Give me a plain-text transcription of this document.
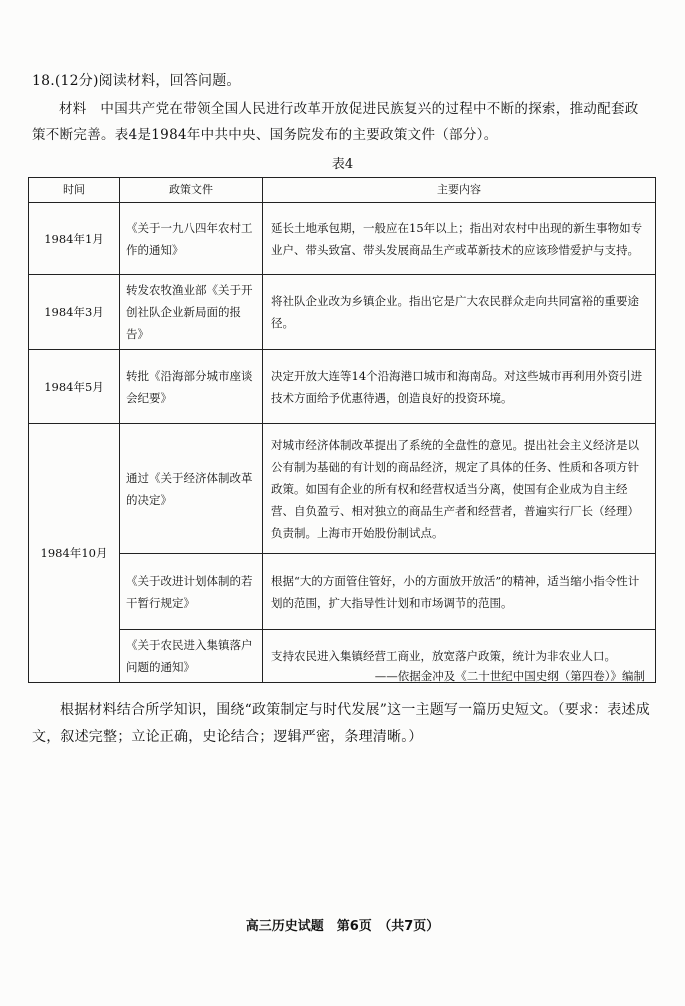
18.(12分)阅读材料，回答问题。
材料　中国共产党在带领全国人民进行改革开放促进民族复兴的过程中不断的探索，推动配套政策不断完善。表4是1984年中共中央、国务院发布的主要政策文件（部分）。
表4
时间	政策文件	主要内容
1984年1月	《关于一九八四年农村工作的通知》	延长土地承包期，一般应在15年以上；指出对农村中出现的新生事物如专业户、带头致富、带头发展商品生产或革新技术的应该珍惜爱护与支持。
1984年3月	转发农牧渔业部《关于开创社队企业新局面的报告》	将社队企业改为乡镇企业。指出它是广大农民群众走向共同富裕的重要途径。
1984年5月	转批《沿海部分城市座谈会纪要》	决定开放大连等14个沿海港口城市和海南岛。对这些城市再利用外资引进技术方面给予优惠待遇，创造良好的投资环境。
1984年10月	通过《关于经济体制改革的决定》	对城市经济体制改革提出了系统的全盘性的意见。提出社会主义经济是以公有制为基础的有计划的商品经济，规定了具体的任务、性质和各项方针政策。如国有企业的所有权和经营权适当分离，使国有企业成为自主经营、自负盈亏、相对独立的商品生产者和经营者，普遍实行厂长（经理）负责制。上海市开始股份制试点。
	《关于改进计划体制的若干暂行规定》	根据“大的方面管住管好，小的方面放开放活”的精神，适当缩小指令性计划的范围，扩大指导性计划和市场调节的范围。
	《关于农民进入集镇落户问题的通知》	支持农民进入集镇经营工商业，放宽落户政策，统计为非农业人口。
——依据金冲及《二十世纪中国史纲（第四卷）》编制
根据材料结合所学知识，围绕“政策制定与时代发展”这一主题写一篇历史短文。（要求：表述成文，叙述完整；立论正确，史论结合；逻辑严密，条理清晰。）
高三历史试题　第6页　（共7页）
